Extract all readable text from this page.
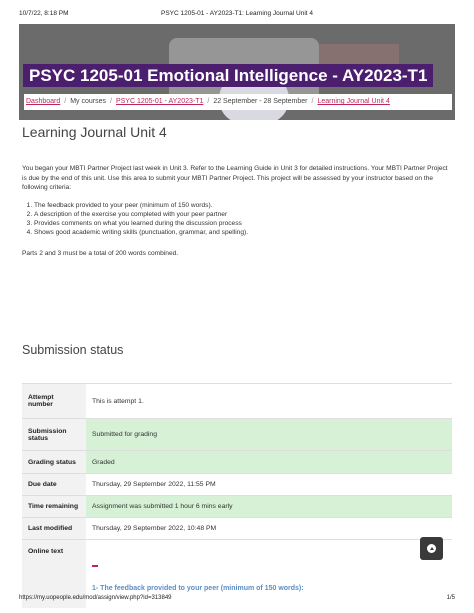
10/7/22, 8:18 PM	PSYC 1205-01 - AY2023-T1: Learning Journal Unit 4
PSYC 1205-01 Emotional Intelligence - AY2023-T1
Dashboard / My courses / PSYC 1205-01 - AY2023-T1 / 22 September - 28 September / Learning Journal Unit 4
Learning Journal Unit 4
You began your MBTI Partner Project last week in Unit 3. Refer to the Learning Guide in Unit 3 for detailed instructions. Your MBTI Partner Project is due by the end of this unit. Use this area to submit your MBTI Partner Project. This project will be assessed by your instructor based on the following criteria:
1. The feedback provided to your peer (minimum of 150 words).
2. A description of the exercise you completed with your peer partner
3. Provides comments on what you learned during the discussion process
4. Shows good academic writing skills (punctuation, grammar, and spelling).
Parts 2 and 3 must be a total of 200 words combined.
Submission status
Attempt number	This is attempt 1.
Submission status	Submitted for grading
Grading status	Graded
Due date	Thursday, 29 September 2022, 11:55 PM
Time remaining	Assignment was submitted 1 hour 6 mins early
Last modified	Thursday, 29 September 2022, 10:48 PM
Online text	1- The feedback provided to your peer (minimum of 150 words):
https://my.uopeople.edu/mod/assign/view.php?id=313849	1/5
